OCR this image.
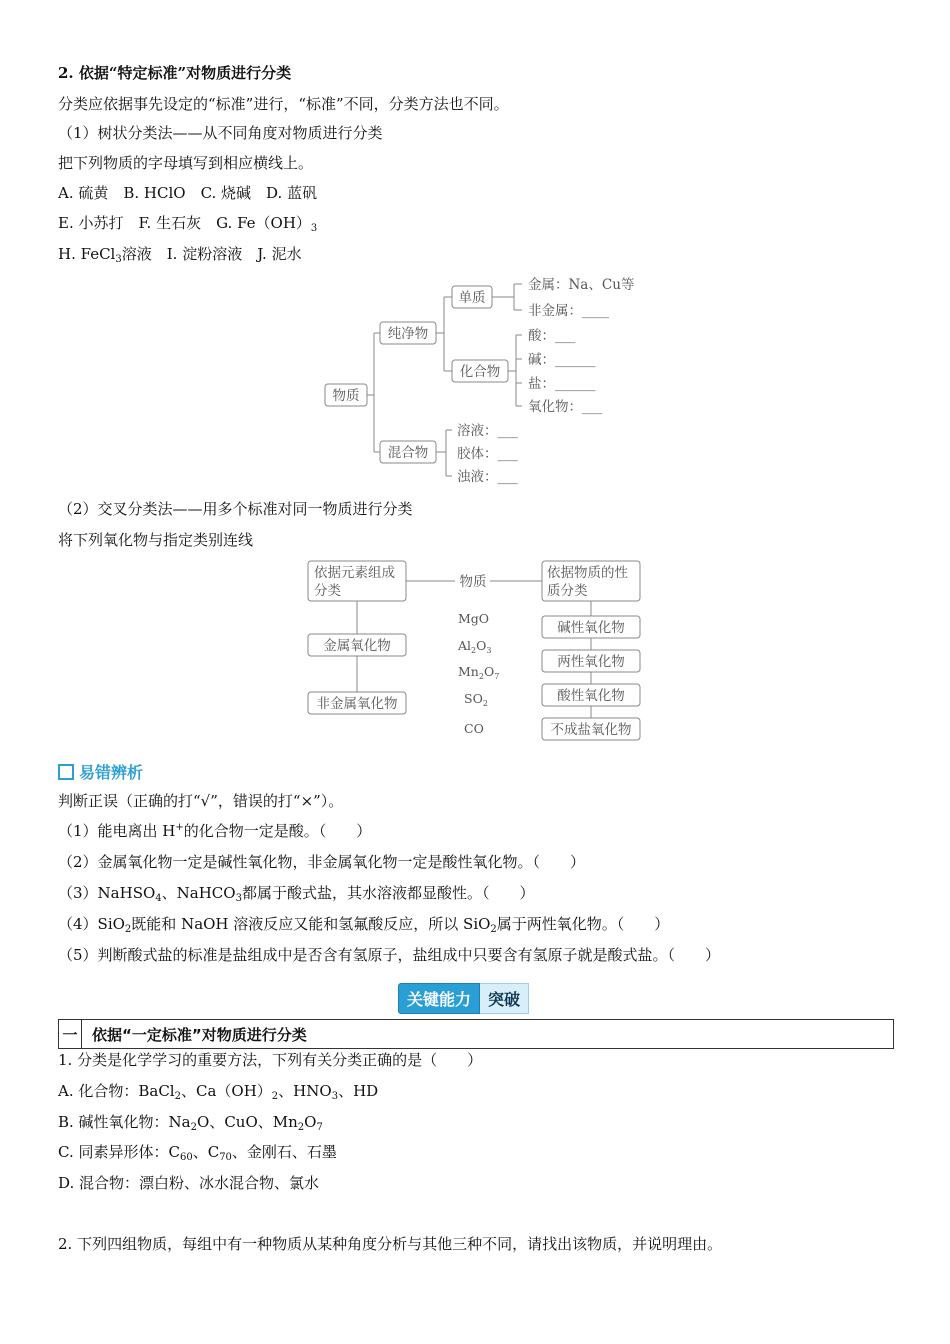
2. 依据“特定标准”对物质进行分类
分类应依据事先设定的“标准”进行，“标准”不同，分类方法也不同。
（1）树状分类法——从不同角度对物质进行分类
把下列物质的字母填写到相应横线上。
A. 硫黄　B. HClO　C. 烧碱　D. 蓝矾
E. 小苏打　F. 生石灰　G. $Fe(OH)_3$
H. FeCl$_3$溶液　I. 淀粉溶液　J. 泥水
物质
纯净物
混合物
单质
化合物
金属：Na、Cu等
非金属：____
酸：___
碱：______
盐：______
氧化物：___
溶液：___
胶体：___
浊液：___
（2）交叉分类法——用多个标准对同一物质进行分类
将下列氧化物与指定类别连线
依据元素组成
分类
物质
依据物质的性
质分类
金属氧化物
非金属氧化物
碱性氧化物
两性氧化物
酸性氧化物
不成盐氧化物
MgO
$Al_2O_3$
$Mn_2O_7$
$SO_2$
CO
易错辨析
判断正误（正确的打“√”，错误的打“×”）。
（1）能电离出 H+的化合物一定是酸。（　　）
（2）金属氧化物一定是碱性氧化物，非金属氧化物一定是酸性氧化物。（　　）
（3）NaHSO$_4$、NaHCO$_3$都属于酸式盐，其水溶液都显酸性。（　　）
（4）SiO$_2$既能和 NaOH 溶液反应又能和氢氟酸反应，所以 SiO$_2$属于两性氧化物。（　　）
（5）判断酸式盐的标准是盐组成中是否含有氢原子，盐组成中只要含有氢原子就是酸式盐。（　　）
关键能力	突破
一 依据“一定标准”对物质进行分类
1. 分类是化学学习的重要方法，下列有关分类正确的是（　　）
A. 化合物：BaCl$_2$、$Ca(OH)_2$、$HNO_3$、HD
B. 碱性氧化物：$Na_2O$、CuO、$Mn_2O_7$
C. 同素异形体：$C_{60}$、$C_{70}$、金刚石、石墨
D. 混合物：漂白粉、冰水混合物、氯水
2. 下列四组物质，每组中有一种物质从某种角度分析与其他三种不同，请找出该物质，并说明理由。
